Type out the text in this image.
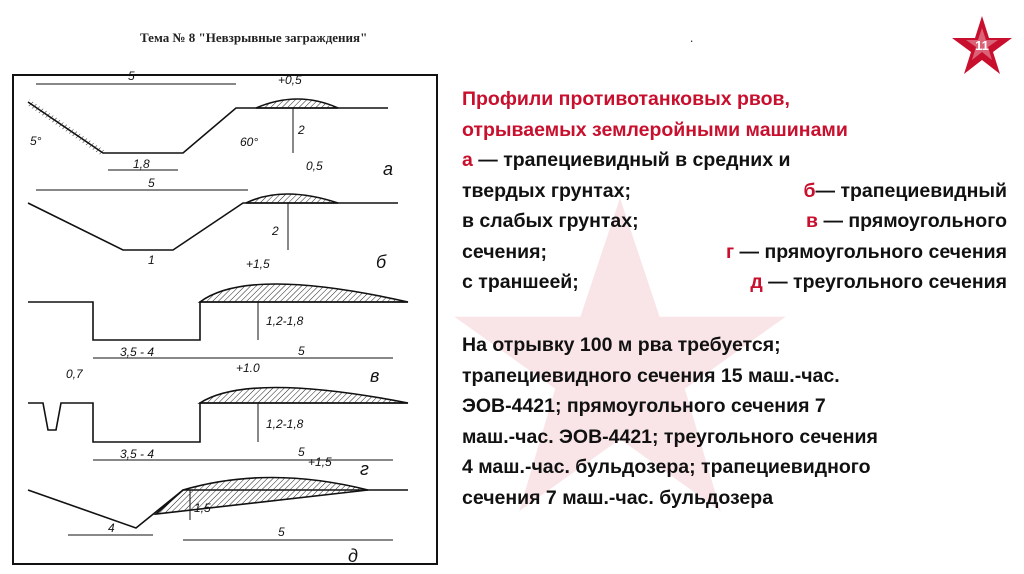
Тема № 8 "Невзрывные заграждения"	.
11
5	+0,5
2
1,8
5°	60°
а
5
0,5
2
1	б
+1,5
1,2-1,8
3,5 - 4	5
в
0,7	+1.0
1,2-1,8
3,5 - 4	5
г
+1,5
1,5
4	5
д
Профили противотанковых рвов,
отрываемых землеройными машинами
а — трапециевидный в средних и
твердых грунтах;	б— трапециевидный
в слабых грунтах;	в — прямоугольного
сечения;	г — прямоугольного сечения
с траншеей;	д — треугольного сечения
На отрывку 100 м рва требуется;
трапециевидного сечения 15 маш.-час.
ЭОВ-4421; прямоугольного сечения 7
маш.-час. ЭОВ-4421; треугольного сечения
4 маш.-час. бульдозера; трапециевидного
сечения 7 маш.-час. бульдозера
